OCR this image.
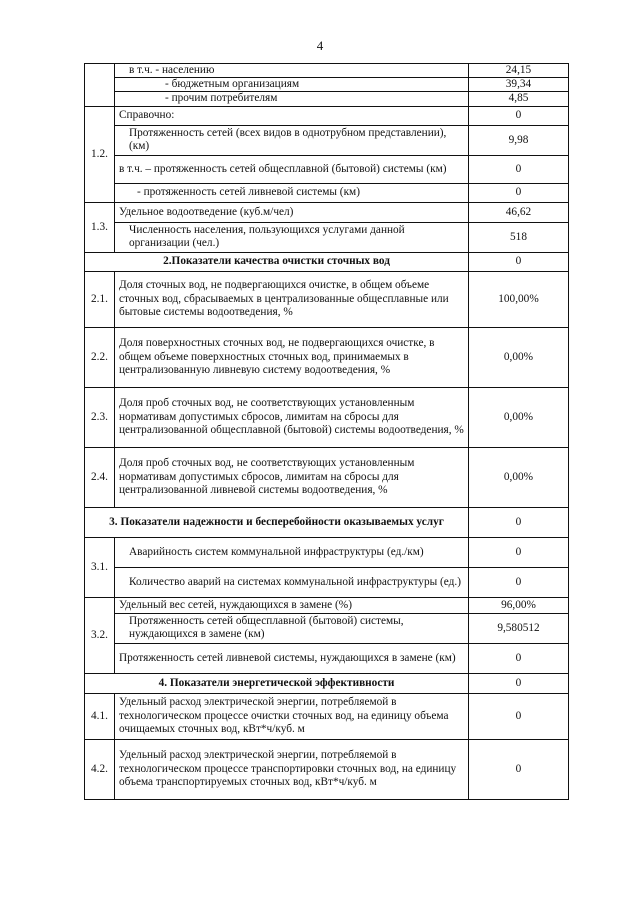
4
	в т.ч. - населению	24,15
	- бюджетным организациям	39,34
	- прочим потребителям	4,85
1.2.	Справочно:	0
	Протяженность сетей (всех видов в однотрубном представлении), (км)	9,98
	в т.ч. – протяженность сетей общесплавной (бытовой) системы (км)	0
	- протяженность сетей ливневой системы (км)	0
1.3.	Удельное водоотведение (куб.м/чел)	46,62
	Численность населения, пользующихся услугами данной организации (чел.)	518
2.Показатели качества очистки сточных вод		0
2.1.	Доля сточных вод, не подвергающихся очистке, в общем объеме сточных вод, сбрасываемых в централизованные общесплавные или бытовые системы водоотведения, %	100,00%
2.2.	Доля поверхностных сточных вод, не подвергающихся очистке, в общем объеме поверхностных сточных вод, принимаемых в централизованную ливневую систему водоотведения, %	0,00%
2.3.	Доля проб сточных вод, не соответствующих установленным нормативам допустимых сбросов, лимитам на сбросы для централизованной общесплавной (бытовой) системы водоотведения, %	0,00%
2.4.	Доля проб сточных вод, не соответствующих установленным нормативам допустимых сбросов, лимитам на сбросы для централизованной ливневой системы водоотведения, %	0,00%
3. Показатели надежности и бесперебойности оказываемых услуг		0
3.1.	Аварийность систем коммунальной инфраструктуры (ед./км)	0
	Количество аварий на системах коммунальной инфраструктуры (ед.)	0
3.2.	Удельный вес сетей, нуждающихся в замене (%)	96,00%
	Протяженность сетей общесплавной (бытовой) системы, нуждающихся в замене (км)	9,580512
	Протяженность сетей ливневой системы, нуждающихся в замене (км)	0
4. Показатели энергетической эффективности		0
4.1.	Удельный расход электрической энергии, потребляемой в технологическом процессе очистки сточных вод, на единицу объема очищаемых сточных вод, кВт*ч/куб. м	0
4.2.	Удельный расход электрической энергии, потребляемой в технологическом процессе транспортировки сточных вод, на единицу объема транспортируемых сточных вод, кВт*ч/куб. м	0
